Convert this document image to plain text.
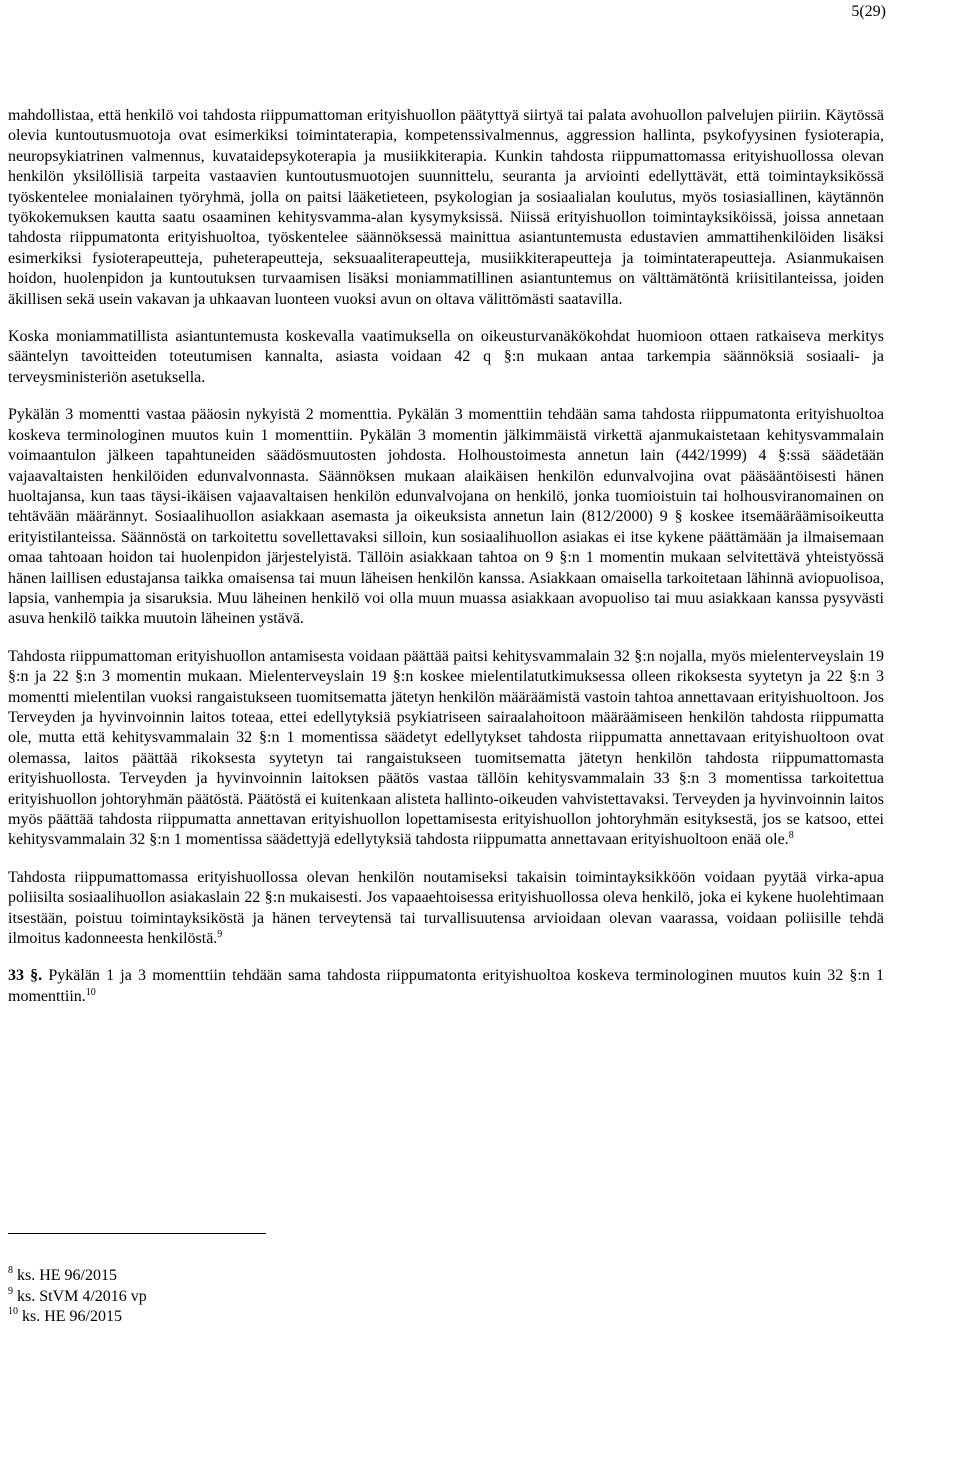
5(29)

mahdollistaa, että henkilö voi tahdosta riippumattoman erityishuollon päätyttyä siirtyä tai palata avohuollon palvelujen piiriin. Käytössä olevia kuntoutusmuotoja ovat esimerkiksi toimintaterapia, kompetenssivalmennus, aggression hallinta, psykofyysinen fysioterapia, neuropsykiatrinen valmennus, kuvataidepsykoterapia ja musiikkiterapia. Kunkin tahdosta riippumattomassa erityishuollossa olevan henkilön yksilöllisiä tarpeita vastaavien kuntoutusmuotojen suunnittelu, seuranta ja arviointi edellyttävät, että toimintayksikössä työskentelee monialainen työryhmä, jolla on paitsi lääketieteen, psykologian ja sosiaalialan koulutus, myös tosiasiallinen, käytännön työkokemuksen kautta saatu osaaminen kehitysvamma-alan kysymyksissä. Niissä erityishuollon toimintayksiköissä, joissa annetaan tahdosta riippumatonta erityishuoltoa, työskentelee säännöksessä mainittua asiantuntemusta edustavien ammattihenkilöiden lisäksi esimerkiksi fysioterapeutteja, puheterapeutteja, seksuaaliterapeutteja, musiikkiterapeutteja ja toimintaterapeutteja. Asianmukaisen hoidon, huolenpidon ja kuntoutuksen turvaamisen lisäksi moniammatillinen asiantuntemus on välttämätöntä kriisitilanteissa, joiden äkillisen sekä usein vakavan ja uhkaavan luonteen vuoksi avun on oltava välittömästi saatavilla.

Koska moniammatillista asiantuntemusta koskevalla vaatimuksella on oikeusturvanäkökohdat huomioon ottaen ratkaiseva merkitys sääntelyn tavoitteiden toteutumisen kannalta, asiasta voidaan 42 q §:n mukaan antaa tarkempia säännöksiä sosiaali- ja terveysministeriön asetuksella.

Pykälän 3 momentti vastaa pääosin nykyistä 2 momenttia. Pykälän 3 momenttiin tehdään sama tahdosta riippumatonta erityishuoltoa koskeva terminologinen muutos kuin 1 momenttiin. Pykälän 3 momentin jälkimmäistä virkettä ajanmukaistetaan kehitysvammalain voimaantulon jälkeen tapahtuneiden säädösmuutosten johdosta. Holhoustoimesta annetun lain (442/1999) 4 §:ssä säädetään vajaavaltaisten henkilöiden edunvalvonnasta. Säännöksen mukaan alaikäisen henkilön edunvalvojina ovat pääsääntöisesti hänen huoltajansa, kun taas täysi-ikäisen vajaavaltaisen henkilön edunvalvojana on henkilö, jonka tuomioistuin tai holhousviranomainen on tehtävään määrännyt. Sosiaalihuollon asiakkaan asemasta ja oikeuksista annetun lain (812/2000) 9 § koskee itsemääräämisoikeutta erityistilanteissa. Säännöstä on tarkoitettu sovellettavaksi silloin, kun sosiaalihuollon asiakas ei itse kykene päättämään ja ilmaisemaan omaa tahtoaan hoidon tai huolenpidon järjestelyistä. Tällöin asiakkaan tahtoa on 9 §:n 1 momentin mukaan selvitettävä yhteistyössä hänen laillisen edustajansa taikka omaisensa tai muun läheisen henkilön kanssa. Asiakkaan omaisella tarkoitetaan lähinnä aviopuolisoa, lapsia, vanhempia ja sisaruksia. Muu läheinen henkilö voi olla muun muassa asiakkaan avopuoliso tai muu asiakkaan kanssa pysyvästi asuva henkilö taikka muutoin läheinen ystävä.

Tahdosta riippumattoman erityishuollon antamisesta voidaan päättää paitsi kehitysvammalain 32 §:n nojalla, myös mielenterveyslain 19 §:n ja 22 §:n 3 momentin mukaan. Mielenterveyslain 19 §:n koskee mielentilatutkimuksessa olleen rikoksesta syytetyn ja 22 §:n 3 momentti mielentilan vuoksi rangaistukseen tuomitsematta jätetyn henkilön määräämistä vastoin tahtoa annettavaan erityishuoltoon. Jos Terveyden ja hyvinvoinnin laitos toteaa, ettei edellytyksiä psykiatriseen sairaalahoitoon määräämiseen henkilön tahdosta riippumatta ole, mutta että kehitysvammalain 32 §:n 1 momentissa säädetyt edellytykset tahdosta riippumatta annettavaan erityishuoltoon ovat olemassa, laitos päättää rikoksesta syytetyn tai rangaistukseen tuomitsematta jätetyn henkilön tahdosta riippumattomasta erityishuollosta. Terveyden ja hyvinvoinnin laitoksen päätös vastaa tällöin kehitysvammalain 33 §:n 3 momentissa tarkoitettua erityishuollon johtoryhmän päätöstä. Päätöstä ei kuitenkaan alisteta hallinto-oikeuden vahvistettavaksi. Terveyden ja hyvinvoinnin laitos myös päättää tahdosta riippumatta annettavan erityishuollon lopettamisesta erityishuollon johtoryhmän esityksestä, jos se katsoo, ettei kehitysvammalain 32 §:n 1 momentissa säädettyjä edellytyksiä tahdosta riippumatta annettavaan erityishuoltoon enää ole.$^8$

Tahdosta riippumattomassa erityishuollossa olevan henkilön noutamiseksi takaisin toimintayksikköön voidaan pyytää virka-apua poliisilta sosiaalihuollon asiakaslain 22 §:n mukaisesti. Jos vapaaehtoisessa erityishuollossa oleva henkilö, joka ei kykene huolehtimaan itsestään, poistuu toimintayksiköstä ja hänen terveytensä tai turvallisuutensa arvioidaan olevan vaarassa, voidaan poliisille tehdä ilmoitus kadonneesta henkilöstä.$^9$

33 §. Pykälän 1 ja 3 momenttiin tehdään sama tahdosta riippumatonta erityishuoltoa koskeva terminologinen muutos kuin 32 §:n 1 momenttiin.$^{10}$

$^8$ ks. HE 96/2015

$^9$ ks. StVM 4/2016 vp

$^{10}$ ks. HE 96/2015
